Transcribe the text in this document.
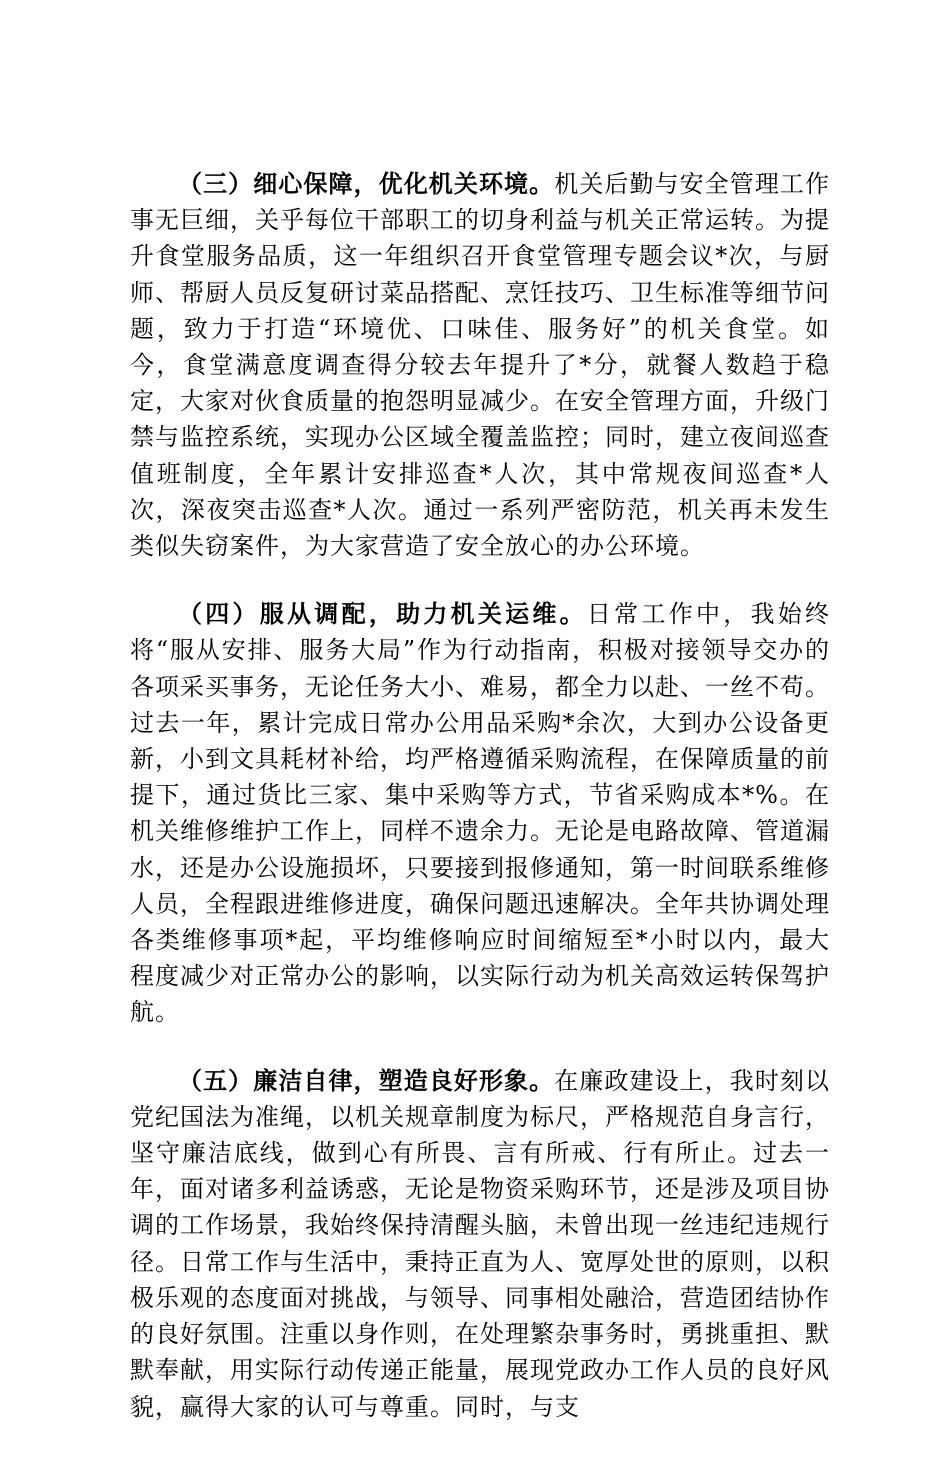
（三）细心保障，优化机关环境。机关后勤与安全管理工作事无巨细，关乎每位干部职工的切身利益与机关正常运转。为提升食堂服务品质，这一年组织召开食堂管理专题会议*次，与厨师、帮厨人员反复研讨菜品搭配、烹饪技巧、卫生标准等细节问题，致力于打造“环境优、口味佳、服务好”的机关食堂。如今，食堂满意度调查得分较去年提升了*分，就餐人数趋于稳定，大家对伙食质量的抱怨明显减少。在安全管理方面，升级门禁与监控系统，实现办公区域全覆盖监控；同时，建立夜间巡查值班制度，全年累计安排巡查*人次，其中常规夜间巡查*人次，深夜突击巡查*人次。通过一系列严密防范，机关再未发生类似失窃案件，为大家营造了安全放心的办公环境。

（四）服从调配，助力机关运维。日常工作中，我始终将“服从安排、服务大局”作为行动指南，积极对接领导交办的各项采买事务，无论任务大小、难易，都全力以赴、一丝不苟。过去一年，累计完成日常办公用品采购*余次，大到办公设备更新，小到文具耗材补给，均严格遵循采购流程，在保障质量的前提下，通过货比三家、集中采购等方式，节省采购成本*%。在机关维修维护工作上，同样不遗余力。无论是电路故障、管道漏水，还是办公设施损坏，只要接到报修通知，第一时间联系维修人员，全程跟进维修进度，确保问题迅速解决。全年共协调处理各类维修事项*起，平均维修响应时间缩短至*小时以内，最大程度减少对正常办公的影响，以实际行动为机关高效运转保驾护航。

（五）廉洁自律，塑造良好形象。在廉政建设上，我时刻以党纪国法为准绳，以机关规章制度为标尺，严格规范自身言行，坚守廉洁底线，做到心有所畏、言有所戒、行有所止。过去一年，面对诸多利益诱惑，无论是物资采购环节，还是涉及项目协调的工作场景，我始终保持清醒头脑，未曾出现一丝违纪违规行径。日常工作与生活中，秉持正直为人、宽厚处世的原则，以积极乐观的态度面对挑战，与领导、同事相处融洽，营造团结协作的良好氛围。注重以身作则，在处理繁杂事务时，勇挑重担、默默奉献，用实际行动传递正能量，展现党政办工作人员的良好风貌，赢得大家的认可与尊重。同时，与支
